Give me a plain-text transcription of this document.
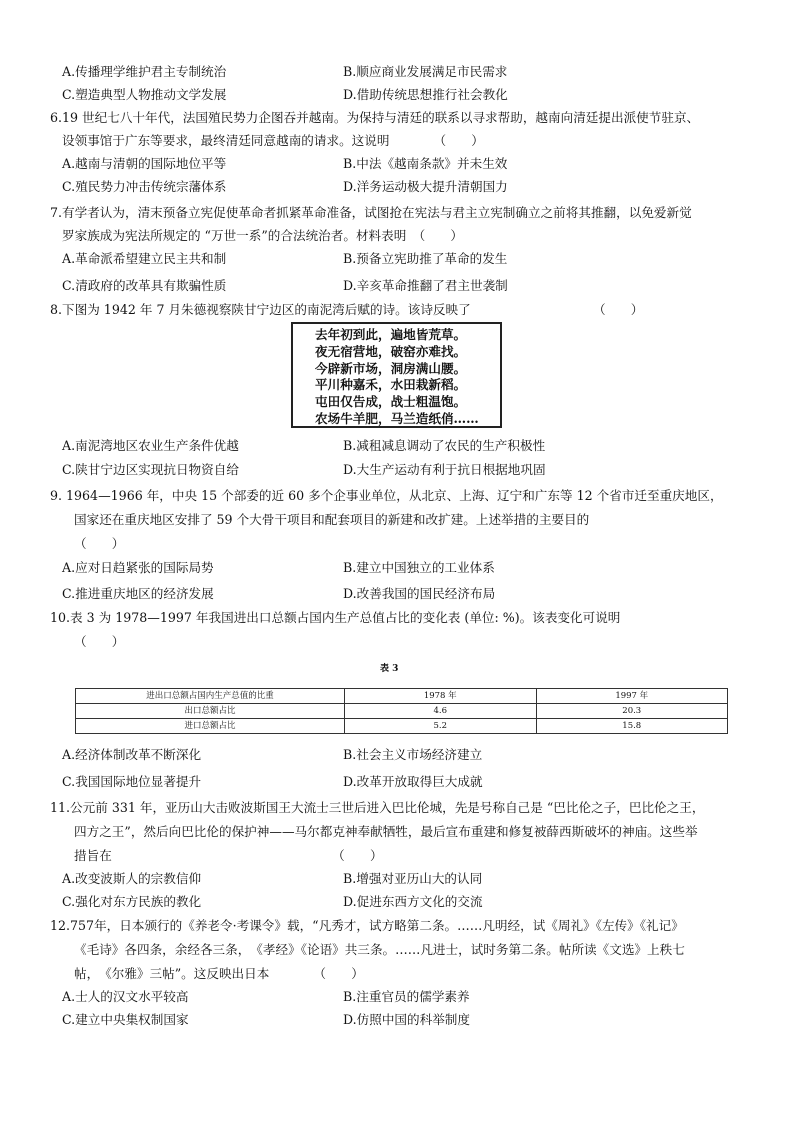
A.传播理学维护君主专制统治	B.顺应商业发展满足市民需求
C.塑造典型人物推动文学发展	D.借助传统思想推行社会教化
6.19 世纪七八十年代，法国殖民势力企图吞并越南。为保持与清廷的联系以寻求帮助，越南向清廷提出派使节驻京、
设领事馆于广东等要求，最终清廷同意越南的请求。这说明　　　　（　　）
A.越南与清朝的国际地位平等	B.中法《越南条款》并未生效
C.殖民势力冲击传统宗藩体系	D.洋务运动极大提升清朝国力
7.有学者认为，清末预备立宪促使革命者抓紧革命准备，试图抢在宪法与君主立宪制确立之前将其推翻，以免爱新觉
罗家族成为宪法所规定的 “万世一系”的合法统治者。材料表明　（　　）
A.革命派希望建立民主共和制	B.预备立宪助推了革命的发生
C.清政府的改革具有欺骗性质	D.辛亥革命推翻了君主世袭制
8.下图为 1942 年 7 月朱德视察陕甘宁边区的南泥湾后赋的诗。该诗反映了	（　　）
去年初到此，遍地皆荒草。
夜无宿营地，破窑亦难找。
今辟新市场，洞房满山腰。
平川种嘉禾，水田栽新稻。
屯田仅告成，战士粗温饱。
农场牛羊肥，马兰造纸俏……
A.南泥湾地区农业生产条件优越	B.减租减息调动了农民的生产积极性
C.陕甘宁边区实现抗日物资自给	D.大生产运动有利于抗日根据地巩固
9. 1964—1966 年，中央 15 个部委的近 60 多个企事业单位，从北京、上海、辽宁和广东等 12 个省市迁至重庆地区，
国家还在重庆地区安排了 59 个大骨干项目和配套项目的新建和改扩建。上述举措的主要目的
（　　）
A.应对日趋紧张的国际局势	B.建立中国独立的工业体系
C.推进重庆地区的经济发展	D.改善我国的国民经济布局
10.表 3 为 1978—1997 年我国进出口总额占国内生产总值占比的变化表 (单位: %)。该表变化可说明
（　　）
表 3
进出口总额占国内生产总值的比重	1978 年	1997 年
出口总额占比	4.6	20.3
进口总额占比	5.2	15.8
A.经济体制改革不断深化	B.社会主义市场经济建立
C.我国国际地位显著提升	D.改革开放取得巨大成就
11.公元前 331 年，亚历山大击败波斯国王大流士三世后进入巴比伦城，先是号称自己是 “巴比伦之子，巴比伦之王，
四方之王”，然后向巴比伦的保护神——马尔都克神奉献牺牲，最后宣布重建和修复被薛西斯破坏的神庙。这些举
措旨在　　　　　　　　　　　　　　　　　　（　　）
A.改变波斯人的宗教信仰	B.增强对亚历山大的认同
C.强化对东方民族的教化	D.促进东西方文化的交流
12.757年，日本颁行的《养老令·考课令》载，“凡秀才，试方略第二条。……凡明经，试《周礼》《左传》《礼记》
《毛诗》各四条，余经各三条，　《孝经》《论语》共三条。……凡进士，试时务第二条。帖所读《文选》上秩七
帖，　《尔雅》三帖”。这反映出日本　　　　（　　）
A.士人的汉文水平较高	B.注重官员的儒学素养
C.建立中央集权制国家	D.仿照中国的科举制度
